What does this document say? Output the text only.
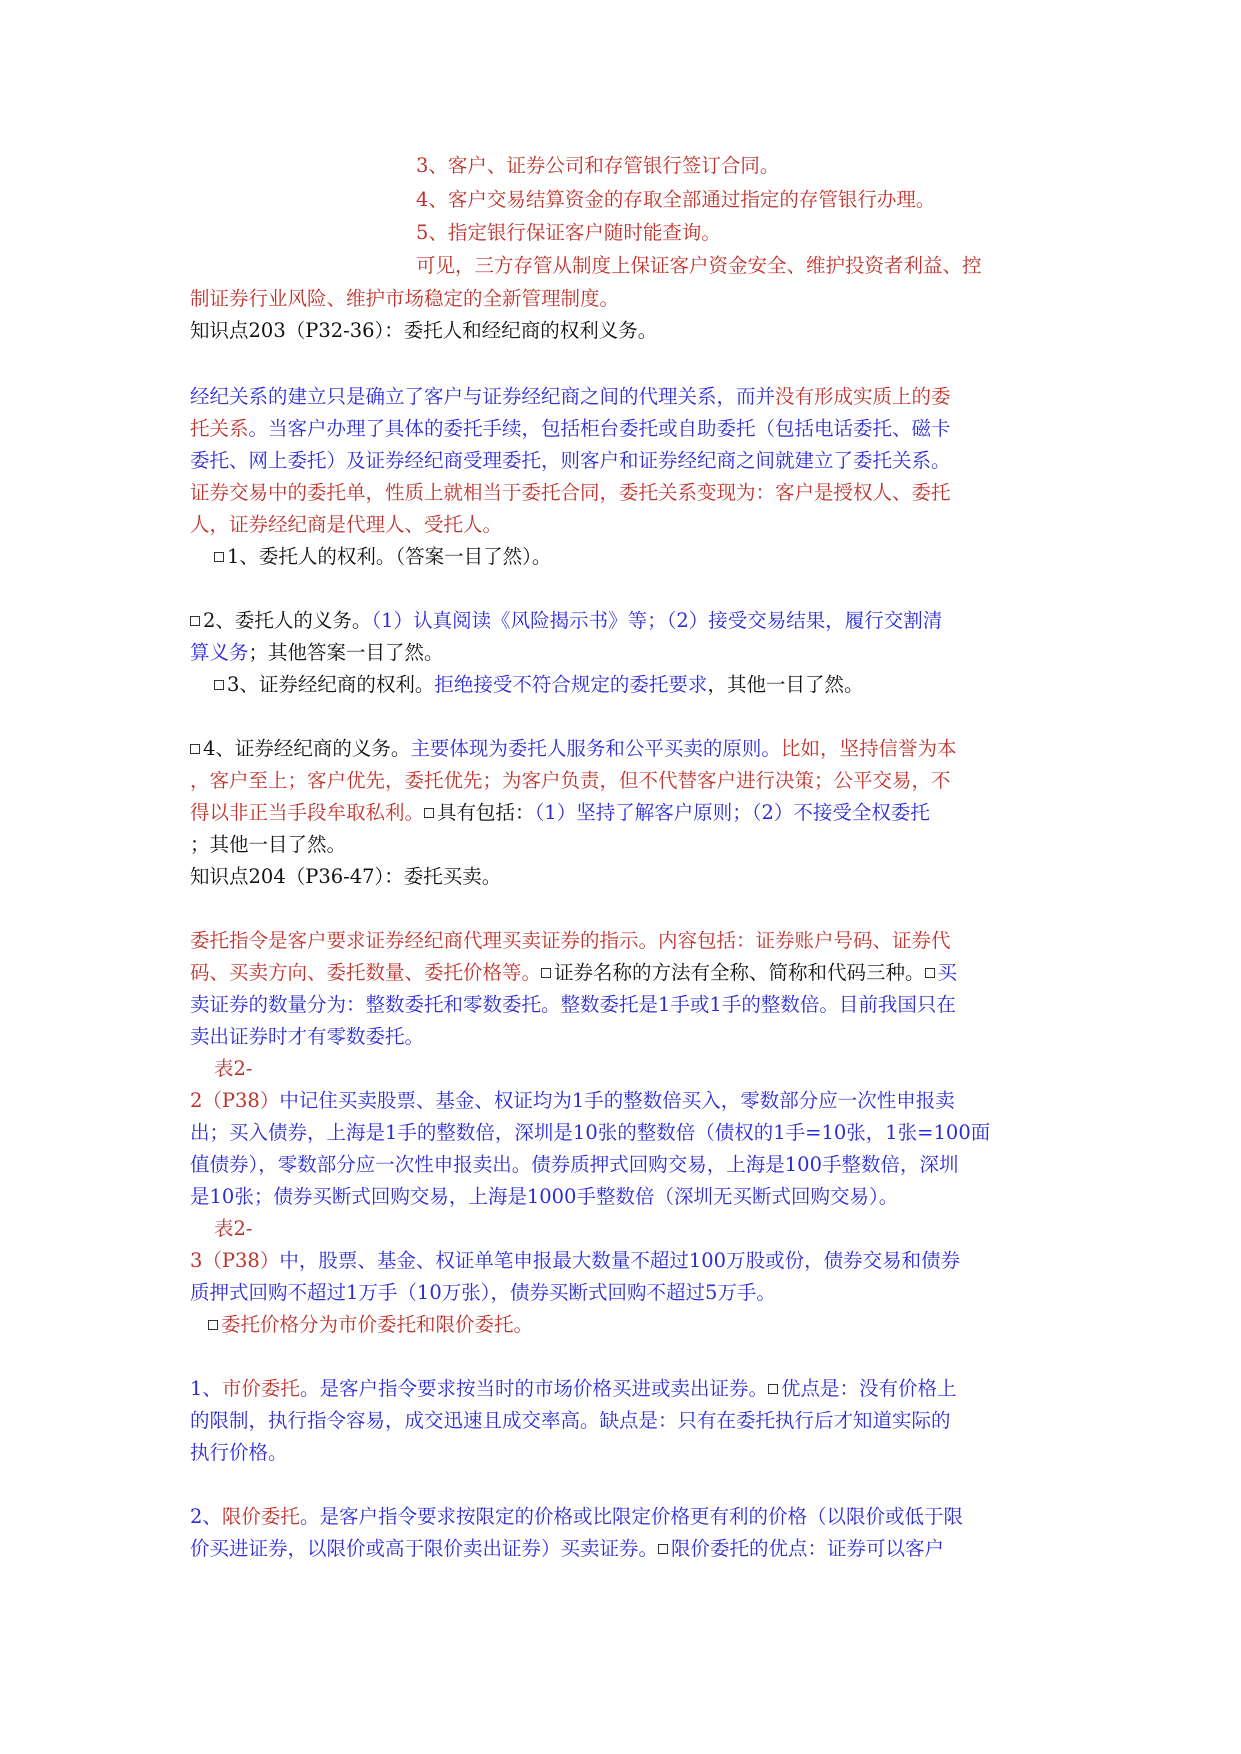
3、客户、证券公司和存管银行签订合同。
4、客户交易结算资金的存取全部通过指定的存管银行办理。
5、指定银行保证客户随时能查询。
可见，三方存管从制度上保证客户资金安全、维护投资者利益、控
制证券行业风险、维护市场稳定的全新管理制度。
知识点203（P32-36）：委托人和经纪商的权利义务。
经纪关系的建立只是确立了客户与证券经纪商之间的代理关系，而并没有形成实质上的委
托关系。当客户办理了具体的委托手续，包括柜台委托或自助委托（包括电话委托、磁卡
委托、网上委托）及证券经纪商受理委托，则客户和证券经纪商之间就建立了委托关系。
证券交易中的委托单，性质上就相当于委托合同，委托关系变现为：客户是授权人、委托
人，证券经纪商是代理人、受托人。
1、委托人的权利。（答案一目了然）。
2、委托人的义务。（1）认真阅读《风险揭示书》等；（2）接受交易结果，履行交割清
算义务；其他答案一目了然。
3、证券经纪商的权利。拒绝接受不符合规定的委托要求，其他一目了然。
4、证券经纪商的义务。主要体现为委托人服务和公平买卖的原则。比如，坚持信誉为本
，客户至上；客户优先，委托优先；为客户负责，但不代替客户进行决策；公平交易，不
得以非正当手段牟取私利。 具有包括：（1）坚持了解客户原则；（2）不接受全权委托
；其他一目了然。
知识点204（P36-47）：委托买卖。
委托指令是客户要求证券经纪商代理买卖证券的指示。内容包括：证券账户号码、证券代
码、买卖方向、委托数量、委托价格等。 证券名称的方法有全称、简称和代码三种。 买
卖证券的数量分为：整数委托和零数委托。整数委托是1手或1手的整数倍。目前我国只在
卖出证券时才有零数委托。
表2-
2（P38）中记住买卖股票、基金、权证均为1手的整数倍买入，零数部分应一次性申报卖
出；买入债券，上海是1手的整数倍，深圳是10张的整数倍（债权的1手=10张，1张=100面
值债券），零数部分应一次性申报卖出。债券质押式回购交易，上海是100手整数倍，深圳
是10张；债券买断式回购交易，上海是1000手整数倍（深圳无买断式回购交易）。
表2-
3（P38）中，股票、基金、权证单笔申报最大数量不超过100万股或份，债券交易和债券
质押式回购不超过1万手（10万张），债券买断式回购不超过5万手。
委托价格分为市价委托和限价委托。
1、市价委托。是客户指令要求按当时的市场价格买进或卖出证券。 优点是：没有价格上
的限制，执行指令容易，成交迅速且成交率高。缺点是：只有在委托执行后才知道实际的
执行价格。
2、限价委托。是客户指令要求按限定的价格或比限定价格更有利的价格（以限价或低于限
价买进证券，以限价或高于限价卖出证券）买卖证券。 限价委托的优点：证券可以客户
